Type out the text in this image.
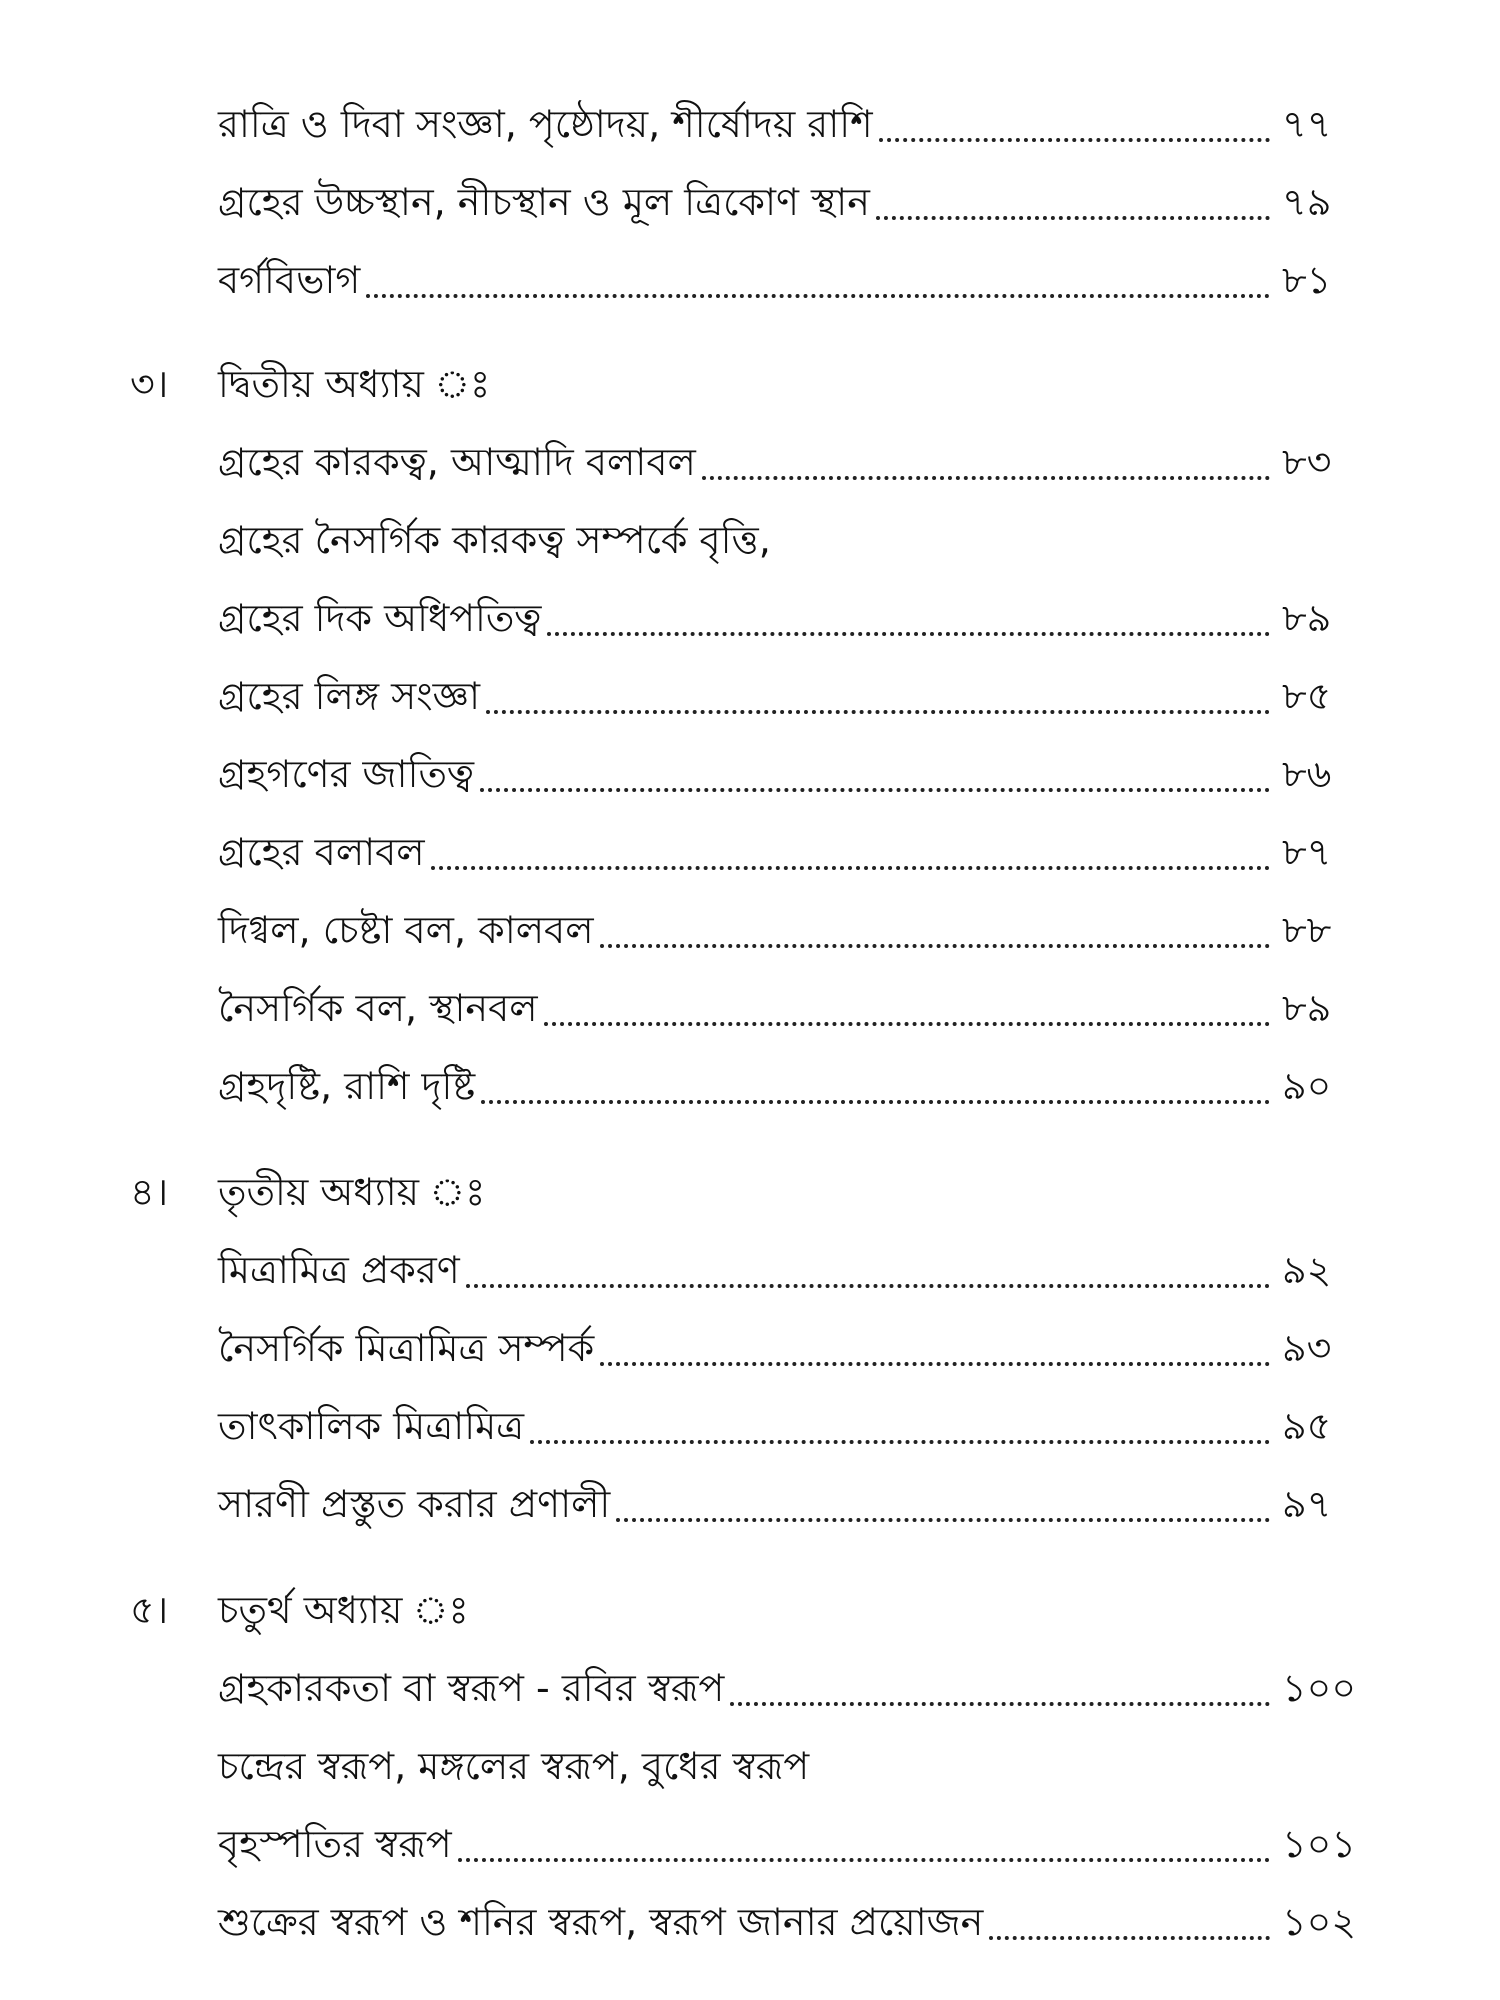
রাত্রি ও দিবা সংজ্ঞা, পৃষ্ঠোদয়, শীর্ষোদয় রাশি	৭৭
গ্রহের উচ্চস্থান, নীচস্থান ও মূল ত্রিকোণ স্থান	৭৯
বর্গবিভাগ	৮১
৩।	দ্বিতীয় অধ্যায় ঃ
গ্রহের কারকত্ব, আত্মাদি বলাবল	৮৩
গ্রহের নৈসর্গিক কারকত্ব সম্পর্কে বৃত্তি,
গ্রহের দিক অধিপতিত্ব	৮৯
গ্রহের লিঙ্গ সংজ্ঞা	৮৫
গ্রহগণের জাতিত্ব	৮৬
গ্রহের বলাবল	৮৭
দিগ্বল, চেষ্টা বল, কালবল	৮৮
নৈসর্গিক বল, স্থানবল	৮৯
গ্রহদৃষ্টি, রাশি দৃষ্টি	৯০
৪।	তৃতীয় অধ্যায় ঃ
মিত্রামিত্র প্রকরণ	৯২
নৈসর্গিক মিত্রামিত্র সম্পর্ক	৯৩
তাৎকালিক মিত্রামিত্র	৯৫
সারণী প্রস্তুত করার প্রণালী	৯৭
৫।	চতুর্থ অধ্যায় ঃ
গ্রহকারকতা বা স্বরূপ - রবির স্বরূপ	১০০
চন্দ্রের স্বরূপ, মঙ্গলের স্বরূপ, বুধের স্বরূপ
বৃহস্পতির স্বরূপ	১০১
শুক্রের স্বরূপ ও শনির স্বরূপ, স্বরূপ জানার প্রয়োজন	১০২
